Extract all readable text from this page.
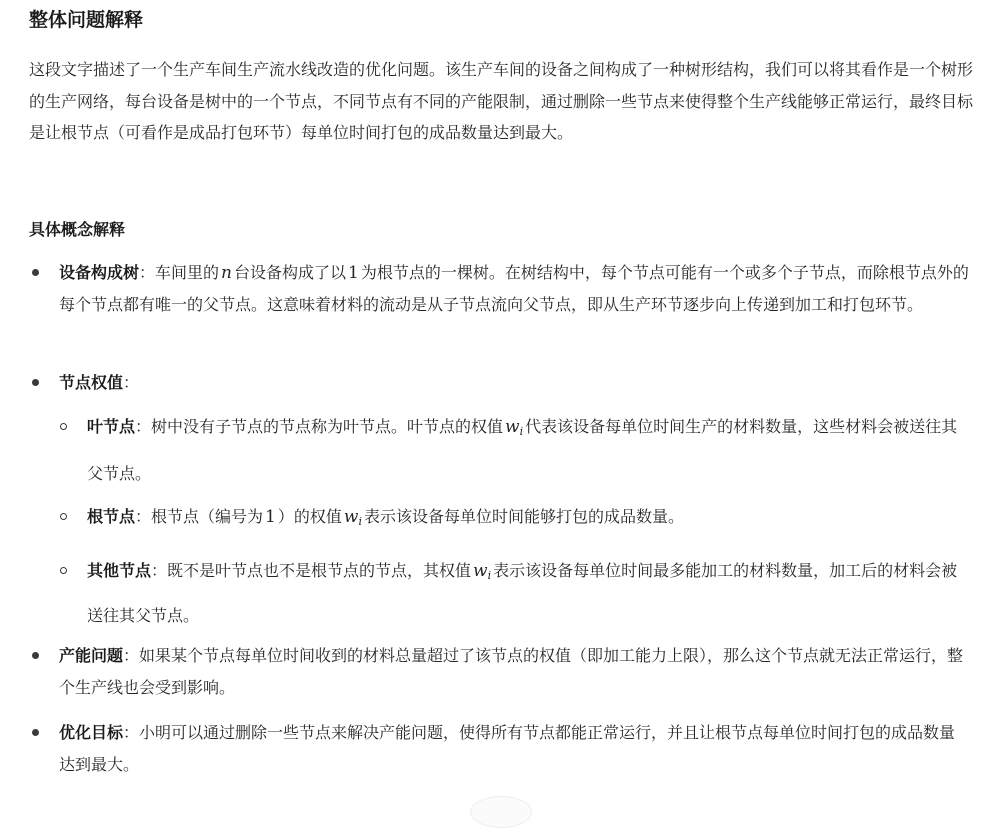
整体问题解释

这段文字描述了一个生产车间生产流水线改造的优化问题。该生产车间的设备之间构成了一种树形结构，我们可以将其看作是一个树形的生产网络，每台设备是树中的一个节点，不同节点有不同的产能限制，通过删除一些节点来使得整个生产线能够正常运行，最终目标是让根节点（可看作是成品打包环节）每单位时间打包的成品数量达到最大。

具体概念解释

设备构成树：车间里的 n 台设备构成了以 1 为根节点的一棵树。在树结构中，每个节点可能有一个或多个子节点，而除根节点外的每个节点都有唯一的父节点。这意味着材料的流动是从子节点流向父节点，即从生产环节逐步向上传递到加工和打包环节。

节点权值：

叶节点：树中没有子节点的节点称为叶节点。叶节点的权值 $w_i$ 代表该设备每单位时间生产的材料数量，这些材料会被送往其父节点。

根节点：根节点（编号为 1 ）的权值 $w_i$ 表示该设备每单位时间能够打包的成品数量。

其他节点：既不是叶节点也不是根节点的节点，其权值 $w_i$ 表示该设备每单位时间最多能加工的材料数量，加工后的材料会被送往其父节点。

产能问题：如果某个节点每单位时间收到的材料总量超过了该节点的权值（即加工能力上限），那么这个节点就无法正常运行，整个生产线也会受到影响。

优化目标：小明可以通过删除一些节点来解决产能问题，使得所有节点都能正常运行，并且让根节点每单位时间打包的成品数量达到最大。
